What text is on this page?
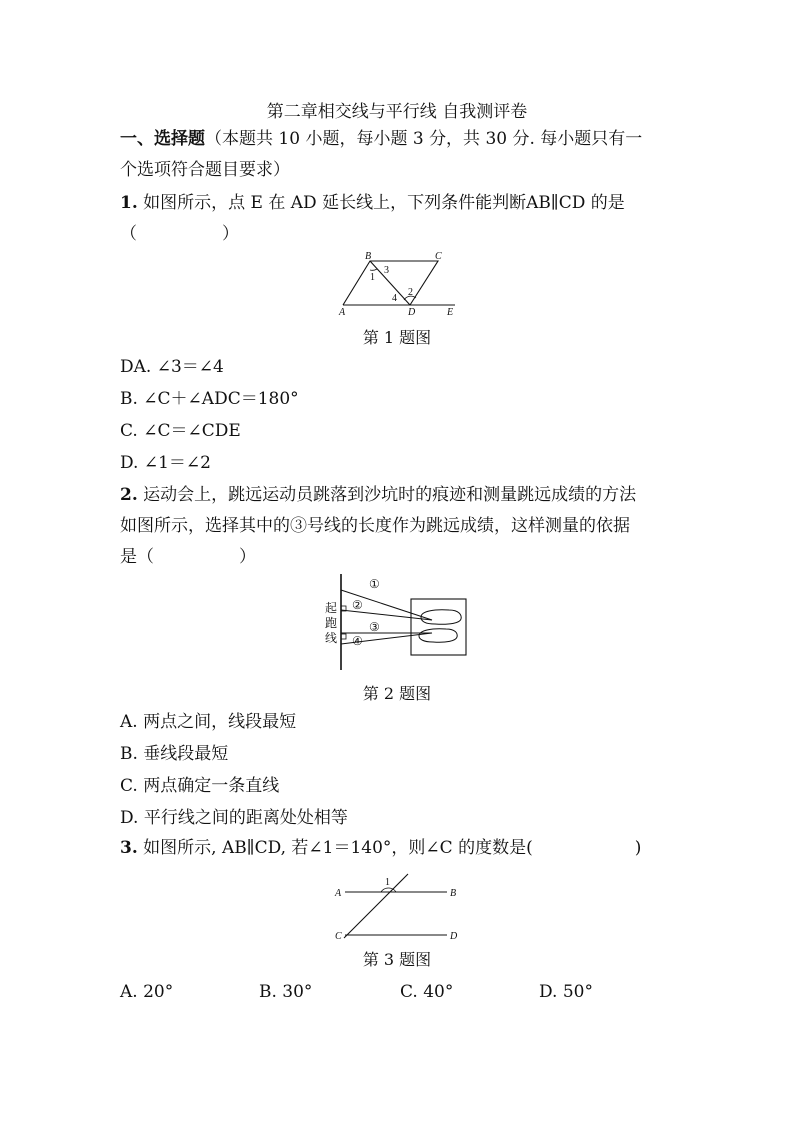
第二章相交线与平行线 自我测评卷
一、选择题（本题共 10 小题，每小题 3 分，共 30 分. 每小题只有一
个选项符合题目要求）
1. 如图所示，点 E 在 AD 延长线上，下列条件能判断AB∥CD 的是
（　　　　　）
B	C
A	D	E
1
3
2
4
第 1 题图
DA. ∠3＝∠4
B. ∠C＋∠ADC＝180°
C. ∠C＝∠CDE
D. ∠1＝∠2
2. 运动会上，跳远运动员跳落到沙坑时的痕迹和测量跳远成绩的方法
如图所示，选择其中的③号线的长度作为跳远成绩，这样测量的依据
是（　　　　　）
①
②
③
④
起
跑
线
第 2 题图
A. 两点之间，线段最短
B. 垂线段最短
C. 两点确定一条直线
D. 平行线之间的距离处处相等
3. 如图所示, AB∥CD, 若∠1＝140°，则∠C 的度数是(　　　　　　)
A	B
C	D
1
第 3 题图
A. 20°	B. 30°	C. 40°	D. 50°
